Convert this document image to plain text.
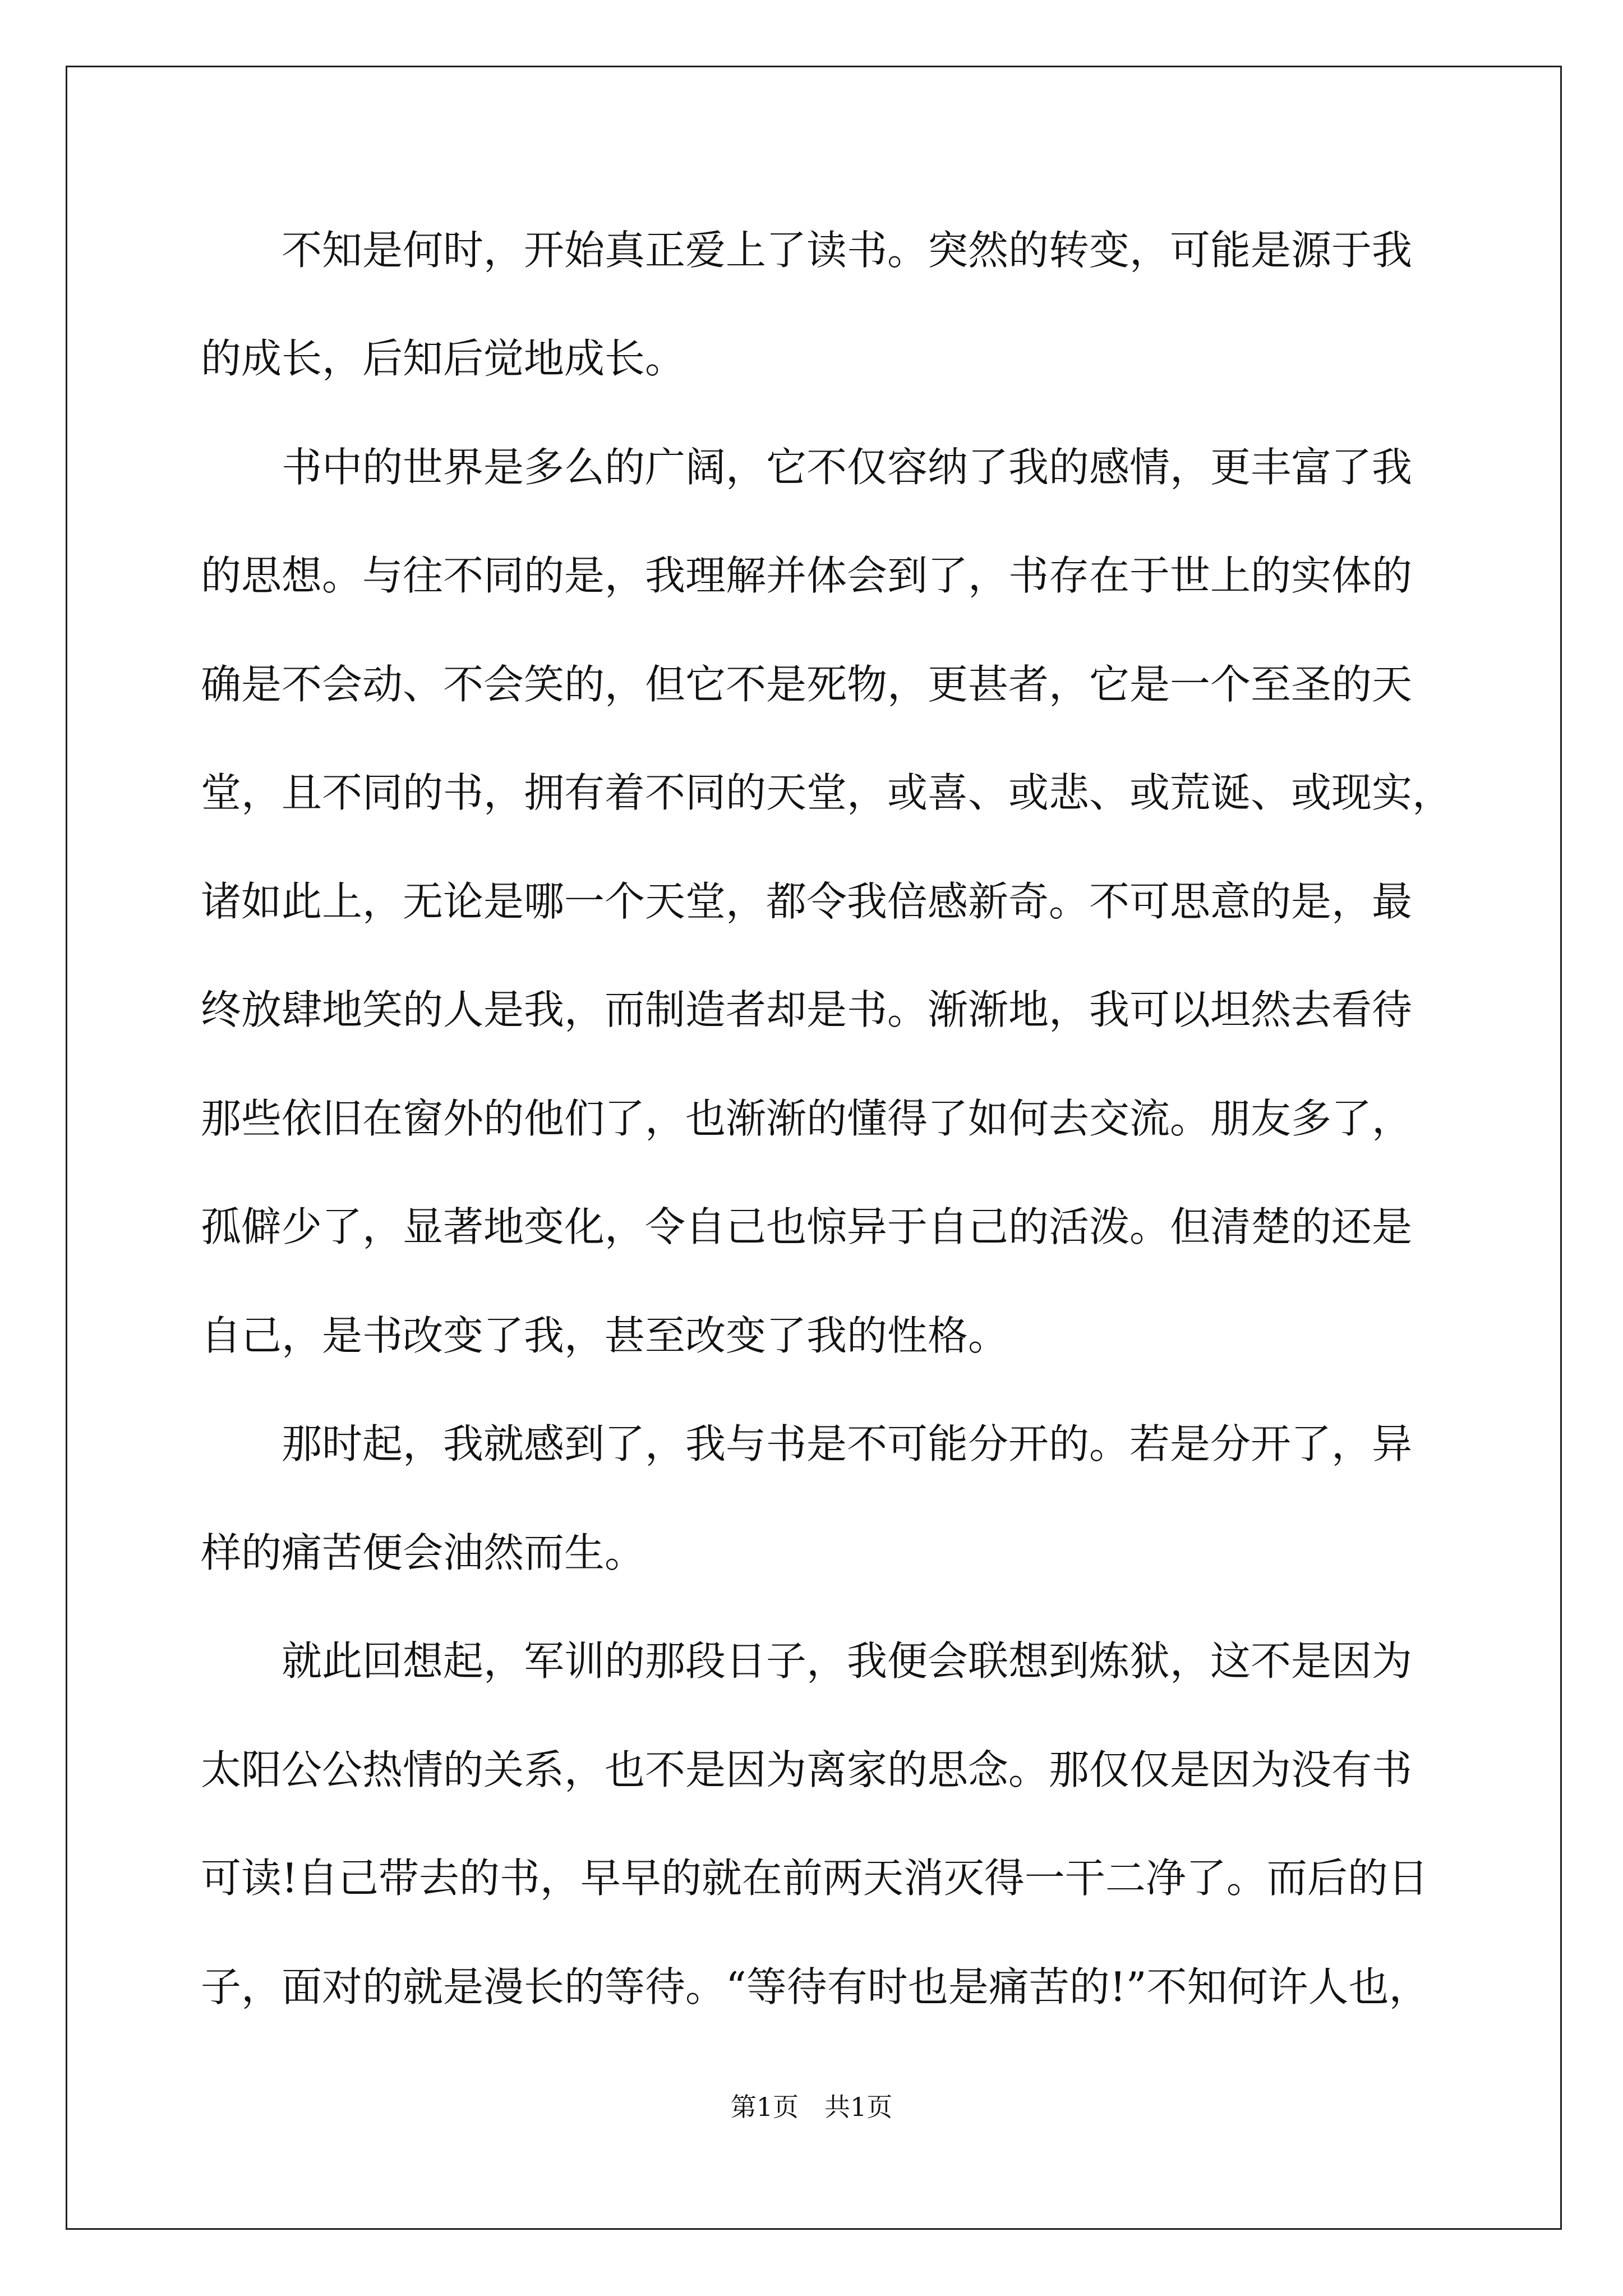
　　不知是何时，开始真正爱上了读书。突然的转变，可能是源于我
的成长，后知后觉地成长。
　　书中的世界是多么的广阔，它不仅容纳了我的感情，更丰富了我
的思想。与往不同的是，我理解并体会到了，书存在于世上的实体的
确是不会动、不会笑的，但它不是死物，更甚者，它是一个至圣的天
堂，且不同的书，拥有着不同的天堂，或喜、或悲、或荒诞、或现实，
诸如此上，无论是哪一个天堂，都令我倍感新奇。不可思意的是，最
终放肆地笑的人是我，而制造者却是书。渐渐地，我可以坦然去看待
那些依旧在窗外的他们了，也渐渐的懂得了如何去交流。朋友多了，
孤僻少了，显著地变化，令自己也惊异于自己的活泼。但清楚的还是
自己，是书改变了我，甚至改变了我的性格。
　　那时起，我就感到了，我与书是不可能分开的。若是分开了，异
样的痛苦便会油然而生。
　　就此回想起，军训的那段日子，我便会联想到炼狱，这不是因为
太阳公公热情的关系，也不是因为离家的思念。那仅仅是因为没有书
可读!自己带去的书，早早的就在前两天消灭得一干二净了。而后的日
子，面对的就是漫长的等待。“等待有时也是痛苦的!”不知何许人也，
第1页　共1页
